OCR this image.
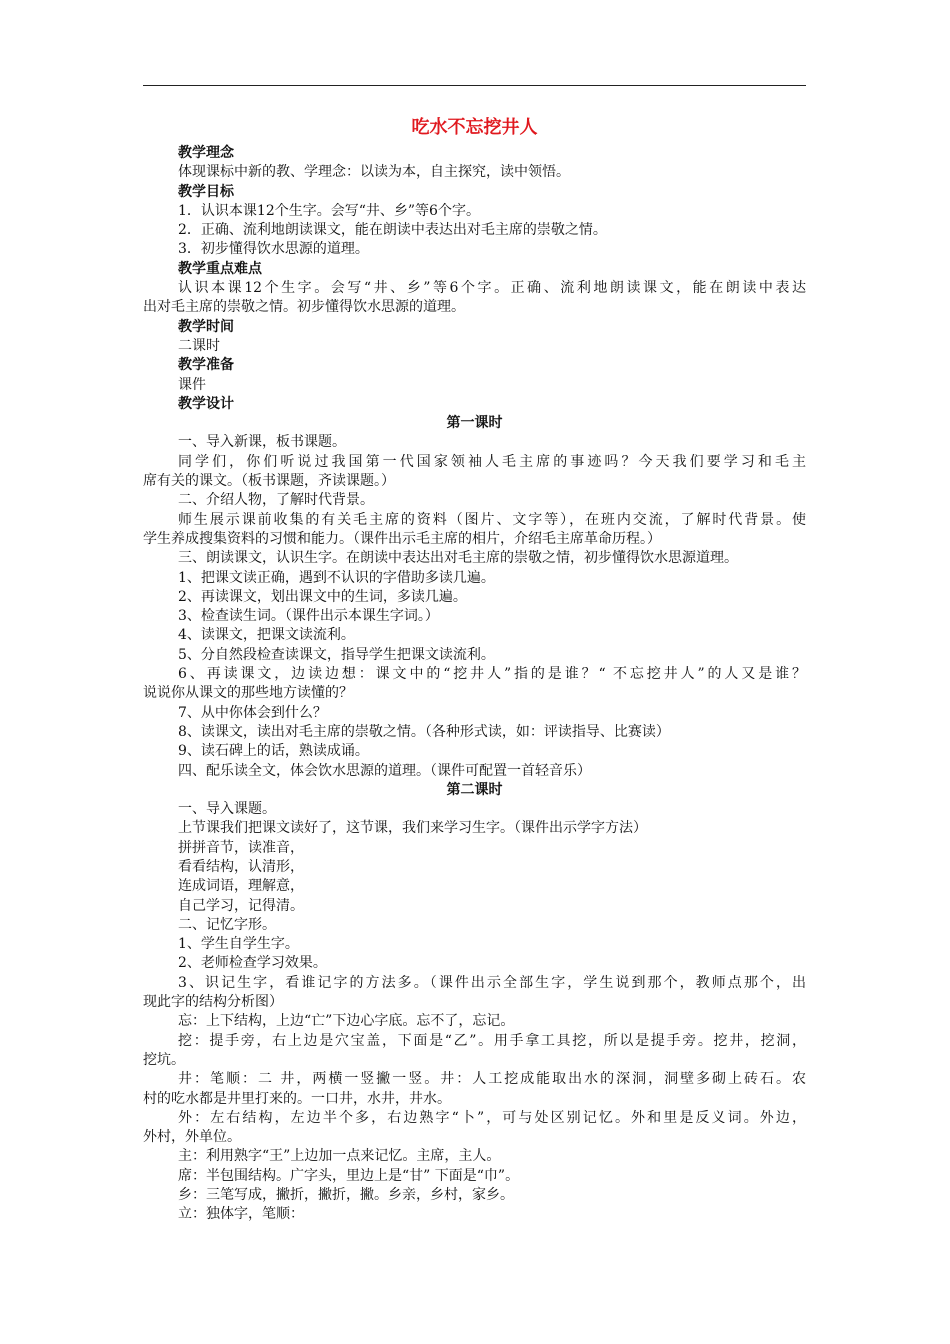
吃水不忘挖井人
教学理念
体现课标中新的教、学理念：以读为本，自主探究，读中领悟。
教学目标
1．认识本课12个生字。会写“井、乡”等6个字。
2．正确、流利地朗读课文，能在朗读中表达出对毛主席的崇敬之情。
3．初步懂得饮水思源的道理。
教学重点难点
认识本课12个生字。会写“井、乡”等6个字。正确、流利地朗读课文，能在朗读中表达
出对毛主席的崇敬之情。初步懂得饮水思源的道理。
教学时间
二课时
教学准备
课件
教学设计
第一课时
一、导入新课，板书课题。
同学们，你们听说过我国第一代国家领袖人毛主席的事迹吗？今天我们要学习和毛主
席有关的课文。（板书课题，齐读课题。）
二、介绍人物，了解时代背景。
师生展示课前收集的有关毛主席的资料（图片、文字等），在班内交流，了解时代背景。使
学生养成搜集资料的习惯和能力。（课件出示毛主席的相片，介绍毛主席革命历程。）
三、朗读课文，认识生字。在朗读中表达出对毛主席的崇敬之情，初步懂得饮水思源道理。
1、把课文读正确，遇到不认识的字借助多读几遍。
2、再读课文，划出课文中的生词，多读几遍。
3、检查读生词。（课件出示本课生字词。）
4、读课文，把课文读流利。
5、分自然段检查读课文，指导学生把课文读流利。
6、再读课文，边读边想：课文中的“挖井人”指的是谁？“ 不忘挖井人”的人又是谁？
说说你从课文的那些地方读懂的？
7、从中你体会到什么？
8、读课文，读出对毛主席的崇敬之情。（各种形式读，如：评读指导、比赛读）
9、读石碑上的话，熟读成诵。
四、配乐读全文，体会饮水思源的道理。（课件可配置一首轻音乐）
第二课时
一、导入课题。
上节课我们把课文读好了，这节课，我们来学习生字。（课件出示学字方法）
拼拼音节，读准音，
看看结构，认清形，
连成词语，理解意，
自己学习，记得清。
二、记忆字形。
1、学生自学生字。
2、老师检查学习效果。
3、识记生字，看谁记字的方法多。（课件出示全部生字，学生说到那个，教师点那个，出
现此字的结构分析图）
忘：上下结构，上边“亡”下边心字底。忘不了，忘记。
挖：提手旁，右上边是穴宝盖，下面是“乙”。用手拿工具挖，所以是提手旁。挖井，挖洞，
挖坑。
井：笔顺：二 井，两横一竖撇一竖。井：人工挖成能取出水的深洞，洞壁多砌上砖石。农
村的吃水都是井里打来的。一口井，水井，井水。
外：左右结构，左边半个多，右边熟字“卜”，可与处区别记忆。外和里是反义词。外边，
外村，外单位。
主：利用熟字“王”上边加一点来记忆。主席，主人。
席：半包围结构。广字头，里边上是“甘” 下面是“巾”。
乡：三笔写成，撇折，撇折，撇。乡亲，乡村，家乡。
立：独体字，笔顺：
